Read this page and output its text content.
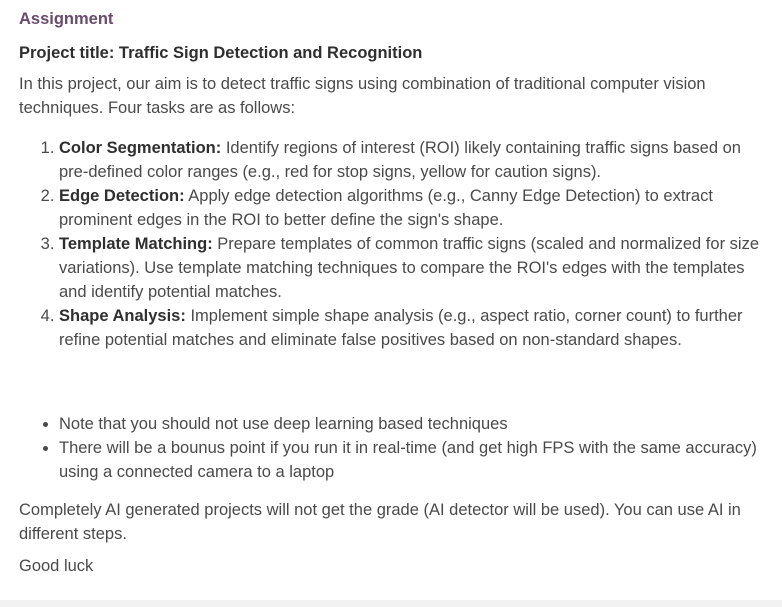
Assignment
Project title: Traffic Sign Detection and Recognition

In this project, our aim is to detect traffic signs using combination of traditional computer vision techniques. Four tasks are as follows:

1. Color Segmentation: Identify regions of interest (ROI) likely containing traffic signs based on pre-defined color ranges (e.g., red for stop signs, yellow for caution signs).
2. Edge Detection: Apply edge detection algorithms (e.g., Canny Edge Detection) to extract prominent edges in the ROI to better define the sign's shape.
3. Template Matching: Prepare templates of common traffic signs (scaled and normalized for size variations). Use template matching techniques to compare the ROI's edges with the templates and identify potential matches.
4. Shape Analysis: Implement simple shape analysis (e.g., aspect ratio, corner count) to further refine potential matches and eliminate false positives based on non-standard shapes.
• Note that you should not use deep learning based techniques
• There will be a bounus point if you run it in real-time (and get high FPS with the same accuracy) using a connected camera to a laptop

Completely AI generated projects will not get the grade (AI detector will be used). You can use AI in different steps.

Good luck
